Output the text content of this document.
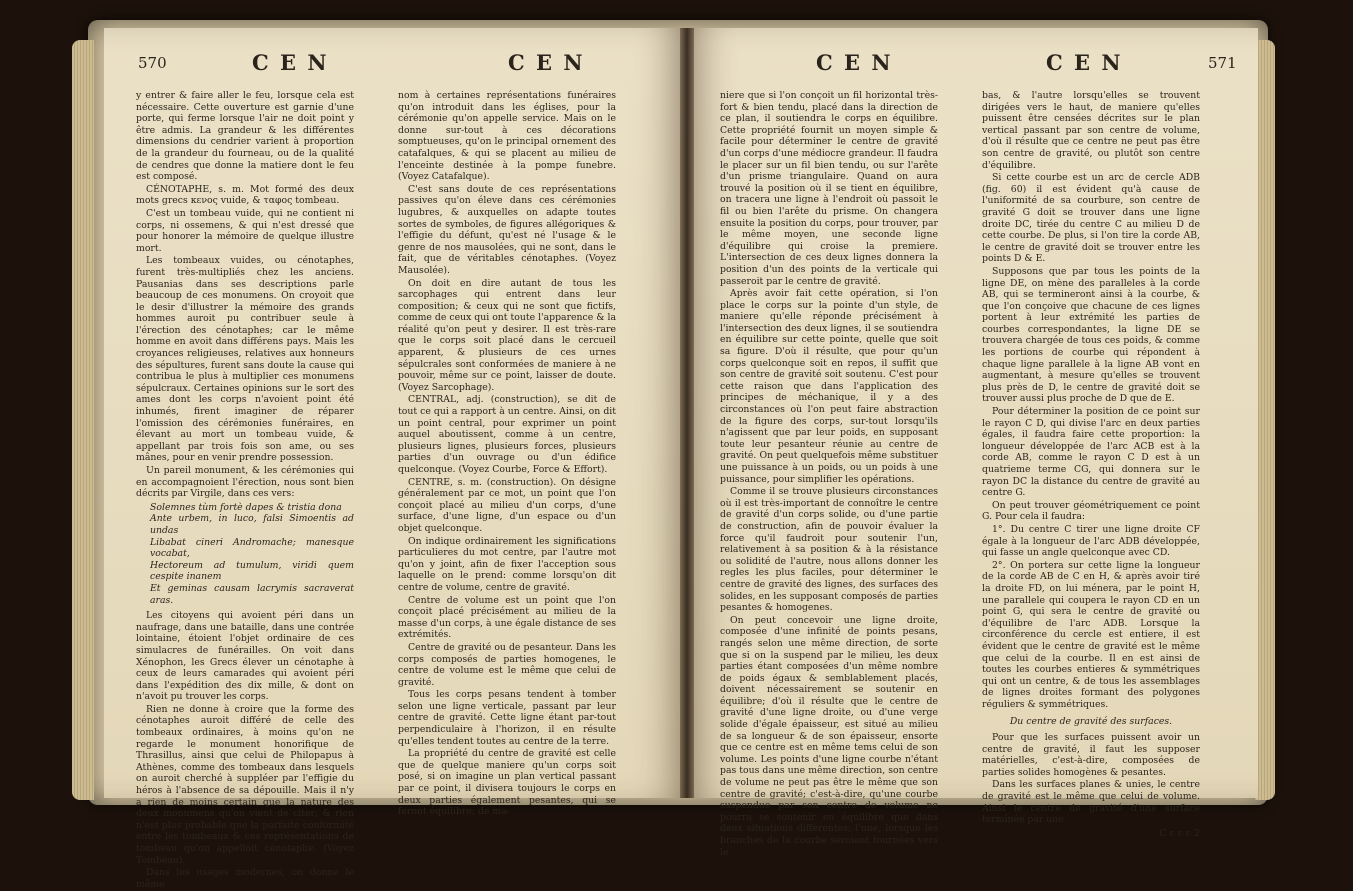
570	C E N	C E N

y entrer & faire aller le feu, lorsque cela est nécessaire. Cette ouverture est garnie d'une porte, qui ferme lorsque l'air ne doit point y être admis. La grandeur & les différentes dimensions du cendrier varient à proportion de la grandeur du fourneau, ou de la qualité de cendres que donne la matiere dont le feu est composé.

CÉNOTAPHE, s. m. Mot formé des deux mots grecs κενος vuide, & ταφος tombeau.

C'est un tombeau vuide, qui ne contient ni corps, ni ossemens, & qui n'est dressé que pour honorer la mémoire de quelque illustre mort.

Les tombeaux vuides, ou cénotaphes, furent très-multipliés chez les anciens. Pausanias dans ses descriptions parle beaucoup de ces monumens. On croyoit que le desir d'illustrer la mémoire des grands hommes auroit pu contribuer seule à l'érection des cénotaphes; car le même homme en avoit dans différens pays. Mais les croyances religieuses, relatives aux honneurs des sépultures, furent sans doute la cause qui contribua le plus à multiplier ces monumens sépulcraux. Certaines opinions sur le sort des ames dont les corps n'avoient point été inhumés, firent imaginer de réparer l'omission des cérémonies funéraires, en élevant au mort un tombeau vuide, & appellant par trois fois son ame, ou ses mânes, pour en venir prendre possession.

Un pareil monument, & les cérémonies qui en accompagnoient l'érection, nous sont bien décrits par Virgile, dans ces vers:

Solemnes tùm fortè dapes & tristia dona
Ante urbem, in luco, falsi Simoentis ad undas
Libabat cineri Andromache; manesque vocabat,
Hectoreum ad tumulum, viridi quem cespite inanem
Et geminas causam lacrymis sacraverat aras.

Les citoyens qui avoient péri dans un naufrage, dans une bataille, dans une contrée lointaine, étoient l'objet ordinaire de ces simulacres de funérailles. On voit dans Xénophon, les Grecs élever un cénotaphe à ceux de leurs camarades qui avoient péri dans l'expédition des dix mille, & dont on n'avoit pu trouver les corps.

Rien ne donne à croire que la forme des cénotaphes auroit différé de celle des tombeaux ordinaires, à moins qu'on ne regarde le monument honorifique de Thrasillus, ainsi que celui de Philopapus à Athènes, comme des tombeaux dans lesquels on auroit cherché à suppléer par l'effigie du héros à l'absence de sa dépouille. Mais il n'y a rien de moins certain que la nature des deux monumens qu'on vient de citer; & rien n'est plus probable que la parfaite conformité entre les tombeaux & ces représentations de tombeau qu'on appelloit cénotaphe. (Voyez Tombeau).

Dans les usages modernes, on donne le même

nom à certaines représentations funéraires qu'on introduit dans les églises, pour la cérémonie qu'on appelle service. Mais on le donne sur-tout à ces décorations somptueuses, qu'on le principal ornement des catafalques, & qui se placent au milieu de l'enceinte destinée à la pompe funebre. (Voyez Catafalque).

C'est sans doute de ces représentations passives qu'on éleve dans ces cérémonies lugubres, & auxquelles on adapte toutes sortes de symboles, de figures allégoriques & l'effigie du défunt, qu'est né l'usage & le genre de nos mausolées, qui ne sont, dans le fait, que de véritables cénotaphes. (Voyez Mausolée).

On doit en dire autant de tous les sarcophages qui entrent dans leur composition; & ceux qui ne sont que fictifs, comme de ceux qui ont toute l'apparence & la réalité qu'on peut y desirer. Il est très-rare que le corps soit placé dans le cercueil apparent, & plusieurs de ces urnes sépulcrales sont conformées de maniere à ne pouvoir, même sur ce point, laisser de doute. (Voyez Sarcophage).

CENTRAL, adj. (construction), se dit de tout ce qui a rapport à un centre. Ainsi, on dit un point central, pour exprimer un point auquel aboutissent, comme à un centre, plusieurs lignes, plusieurs forces, plusieurs parties d'un ouvrage ou d'un édifice quelconque. (Voyez Courbe, Force & Effort).

CENTRE, s. m. (construction). On désigne généralement par ce mot, un point que l'on conçoit placé au milieu d'un corps, d'une surface, d'une ligne, d'un espace ou d'un objet quelconque.

On indique ordinairement les significations particulieres du mot centre, par l'autre mot qu'on y joint, afin de fixer l'acception sous laquelle on le prend: comme lorsqu'on dit centre de volume, centre de gravité.

Centre de volume est un point que l'on conçoit placé précisément au milieu de la masse d'un corps, à une égale distance de ses extrémités.

Centre de gravité ou de pesanteur. Dans les corps composés de parties homogenes, le centre de volume est le même que celui de gravité.

Tous les corps pesans tendent à tomber selon une ligne verticale, passant par leur centre de gravité. Cette ligne étant par-tout perpendiculaire à l'horizon, il en résulte qu'elles tendent toutes au centre de la terre.

La propriété du centre de gravité est celle que de quelque maniere qu'un corps soit posé, si on imagine un plan vertical passant par ce point, il divisera toujours le corps en deux parties également pesantes, qui se feront équilibre; de ma-

C E N	C E N	571

niere que si l'on conçoit un fil horizontal très-fort & bien tendu, placé dans la direction de ce plan, il soutiendra le corps en équilibre. Cette propriété fournit un moyen simple & facile pour déterminer le centre de gravité d'un corps d'une médiocre grandeur. Il faudra le placer sur un fil bien tendu, ou sur l'arête d'un prisme triangulaire. Quand on aura trouvé la position où il se tient en équilibre, on tracera une ligne à l'endroit où passoit le fil ou bien l'arête du prisme. On changera ensuite la position du corps, pour trouver, par le même moyen, une seconde ligne d'équilibre qui croise la premiere. L'intersection de ces deux lignes donnera la position d'un des points de la verticale qui passeroit par le centre de gravité.

Après avoir fait cette opération, si l'on place le corps sur la pointe d'un style, de maniere qu'elle réponde précisément à l'intersection des deux lignes, il se soutiendra en équilibre sur cette pointe, quelle que soit sa figure. D'où il résulte, que pour qu'un corps quelconque soit en repos, il suffit que son centre de gravité soit soutenu. C'est pour cette raison que dans l'application des principes de méchanique, il y a des circonstances où l'on peut faire abstraction de la figure des corps, sur-tout lorsqu'ils n'agissent que par leur poids, en supposant toute leur pesanteur réunie au centre de gravité. On peut quelquefois même substituer une puissance à un poids, ou un poids à une puissance, pour simplifier les opérations.

Comme il se trouve plusieurs circonstances où il est très-important de connoître le centre de gravité d'un corps solide, ou d'une partie de construction, afin de pouvoir évaluer la force qu'il faudroit pour soutenir l'un, relativement à sa position & à la résistance ou solidité de l'autre, nous allons donner les regles les plus faciles, pour déterminer le centre de gravité des lignes, des surfaces des solides, en les supposant composés de parties pesantes & homogenes.

On peut concevoir une ligne droite, composée d'une infinité de points pesans, rangés selon une même direction, de sorte que si on la suspend par le milieu, les deux parties étant composées d'un même nombre de poids égaux & semblablement placés, doivent nécessairement se soutenir en équilibre; d'où il résulte que le centre de gravité d'une ligne droite, ou d'une verge solide d'égale épaisseur, est situé au milieu de sa longueur & de son épaisseur, ensorte que ce centre est en même tems celui de son volume. Les points d'une ligne courbe n'étant pas tous dans une même direction, son centre de volume ne peut pas être le même que son centre de gravité; c'est-à-dire, qu'une courbe suspendue par son centre de volume ne pourra se soutenir en équilibre que dans deux situations différentes; l'une, lorsque les branches de la courbe seroient tournées vers le

bas, & l'autre lorsqu'elles se trouvent dirigées vers le haut, de maniere qu'elles puissent être censées décrites sur le plan vertical passant par son centre de volume, d'où il résulte que ce centre ne peut pas être son centre de gravité, ou plutôt son centre d'équilibre.

Si cette courbe est un arc de cercle ADB (fig. 60) il est évident qu'à cause de l'uniformité de sa courbure, son centre de gravité G doit se trouver dans une ligne droite DC, tirée du centre C au milieu D de cette courbe. De plus, si l'on tire la corde AB, le centre de gravité doit se trouver entre les points D & E.

Supposons que par tous les points de la ligne DE, on mène des paralleles à la corde AB, qui se termineront ainsi à la courbe, & que l'on conçoive que chacune de ces lignes portent à leur extrémité les parties de courbes correspondantes, la ligne DE se trouvera chargée de tous ces poids, & comme les portions de courbe qui répondent à chaque ligne parallele à la ligne AB vont en augmentant, à mesure qu'elles se trouvent plus près de D, le centre de gravité doit se trouver aussi plus proche de D que de E.

Pour déterminer la position de ce point sur le rayon C D, qui divise l'arc en deux parties égales, il faudra faire cette proportion: la longueur développée de l'arc ACB est à la corde AB, comme le rayon C D est à un quatrieme terme CG, qui donnera sur le rayon DC la distance du centre de gravité au centre G.

On peut trouver géométriquement ce point G. Pour cela il faudra:

1°. Du centre C tirer une ligne droite CF égale à la longueur de l'arc ADB développée, qui fasse un angle quelconque avec CD.

2°. On portera sur cette ligne la longueur de la corde AB de C en H, & après avoir tiré la droite FD, on lui ménera, par le point H, une parallele qui coupera le rayon CD en un point G, qui sera le centre de gravité ou d'équilibre de l'arc ADB. Lorsque la circonférence du cercle est entiere, il est évident que le centre de gravité est le même que celui de la courbe. Il en est ainsi de toutes les courbes entieres & symmétriques qui ont un centre, & de tous les assemblages de lignes droites formant des polygones réguliers & symmétriques.

Du centre de gravité des surfaces.

Pour que les surfaces puissent avoir un centre de gravité, il faut les supposer matérielles, c'est-à-dire, composées de parties solides homogènes & pesantes.

Dans les surfaces planes & unies, le centre de gravité est le même que celui de volume. Ainsi le centre de gravité d'une surface terminée par une

C c c c 2
